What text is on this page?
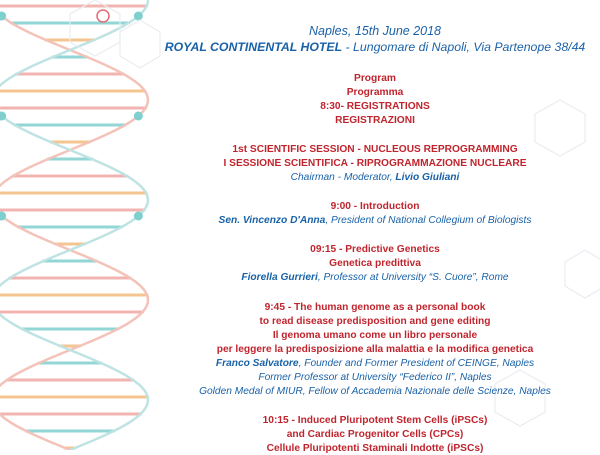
Naples, 15th June 2018
ROYAL CONTINENTAL HOTEL - Lungomare di Napoli, Via Partenope 38/44
Program
Programma
8:30- REGISTRATIONS
REGISTRAZIONI
1st SCIENTIFIC SESSION - NUCLEOUS REPROGRAMMING
I SESSIONE SCIENTIFICA - RIPROGRAMMAZIONE NUCLEARE
Chairman - Moderator, Livio Giuliani
9:00 - Introduction
Sen. Vincenzo D'Anna, President of National Collegium of Biologists
09:15 - Predictive Genetics
Genetica predittiva
Fiorella Gurrieri, Professor at University “S. Cuore”, Rome
9:45 - The human genome as a personal book
to read disease predisposition and gene editing
Il genoma umano come un libro personale
per leggere la predisposizione alla malattia e la modifica genetica
Franco Salvatore, Founder and Former President of CEINGE, Naples
Former Professor at University “Federico II”, Naples
Golden Medal of MIUR, Fellow of Accademia Nazionale delle Scienze, Naples
10:15 - Induced Pluripotent Stem Cells (iPSCs)
and Cardiac Progenitor Cells (CPCs)
Cellule Pluripotenti Staminali Indotte (iPSCs)
